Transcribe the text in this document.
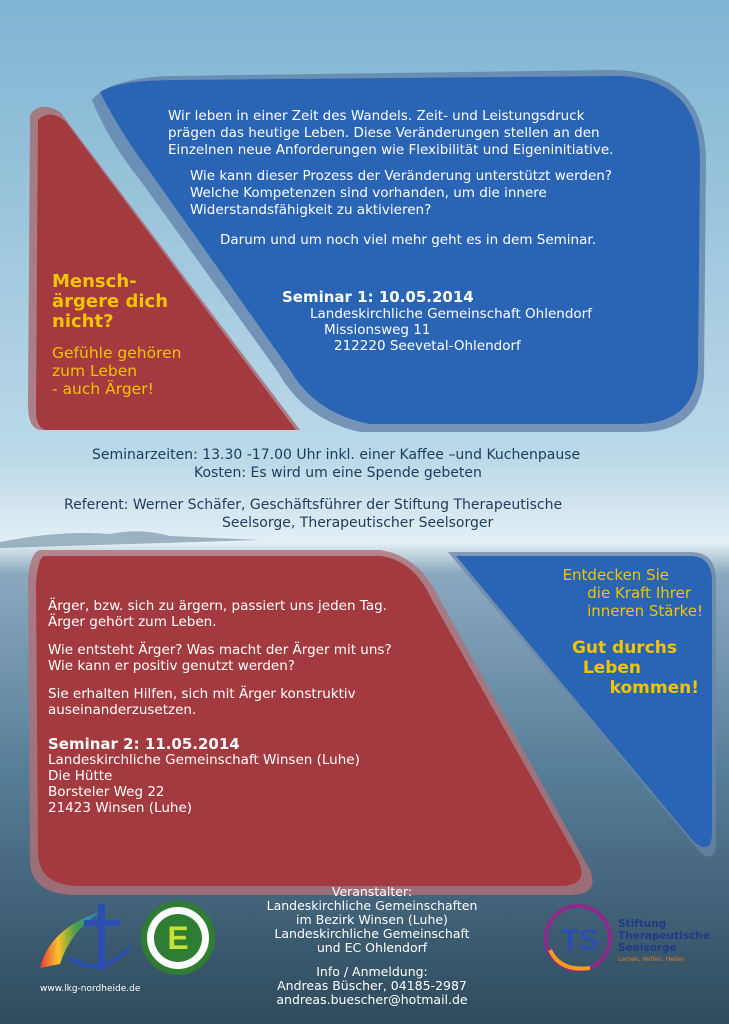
Wir leben in einer Zeit des Wandels. Zeit- und Leistungsdruck
prägen das heutige Leben. Diese Veränderungen stellen an den
Einzelnen neue Anforderungen wie Flexibilität und Eigeninitiative.

Wie kann dieser Prozess der Veränderung unterstützt werden?
Welche Kompetenzen sind vorhanden, um die innere
Widerstandsfähigkeit zu aktivieren?
Darum und um noch viel mehr geht es in dem Seminar.
Seminar 1: 10.05.2014
Landeskirchliche Gemeinschaft Ohlendorf
Missionsweg 11
212220 Seevetal-Ohlendorf
Mensch-
ärgere dich
nicht?
Gefühle gehören
zum Leben
- auch Ärger!
Seminarzeiten: 13.30 -17.00 Uhr inkl. einer Kaffee –und Kuchenpause
Kosten: Es wird um eine Spende gebeten
Referent: Werner Schäfer, Geschäftsführer der Stiftung Therapeutische
Seelsorge, Therapeutischer Seelsorger

Ärger, bzw. sich zu ärgern, passiert uns jeden Tag.
Ärger gehört zum Leben.

Wie entsteht Ärger? Was macht der Ärger mit uns?
Wie kann er positiv genutzt werden?

Sie erhalten Hilfen, sich mit Ärger konstruktiv
auseinanderzusetzen.

Seminar 2: 11.05.2014
Landeskirchliche Gemeinschaft Winsen (Luhe)
Die Hütte
Borsteler Weg 22
21423 Winsen (Luhe)
Entdecken Sie
die Kraft Ihrer
inneren Stärke!
Gut durchs
Leben
kommen!

Veranstalter:
Landeskirchliche Gemeinschaften
im Bezirk Winsen (Luhe)
Landeskirchliche Gemeinschaft
und EC Ohlendorf

Info / Anmeldung:
Andreas Büscher, 04185-2987
andreas.buescher@hotmail.de

www.lkg-nordheide.de
E	TS Stiftung
Therapeutische
Seelsorge
Lernen, Helfen, Heilen
